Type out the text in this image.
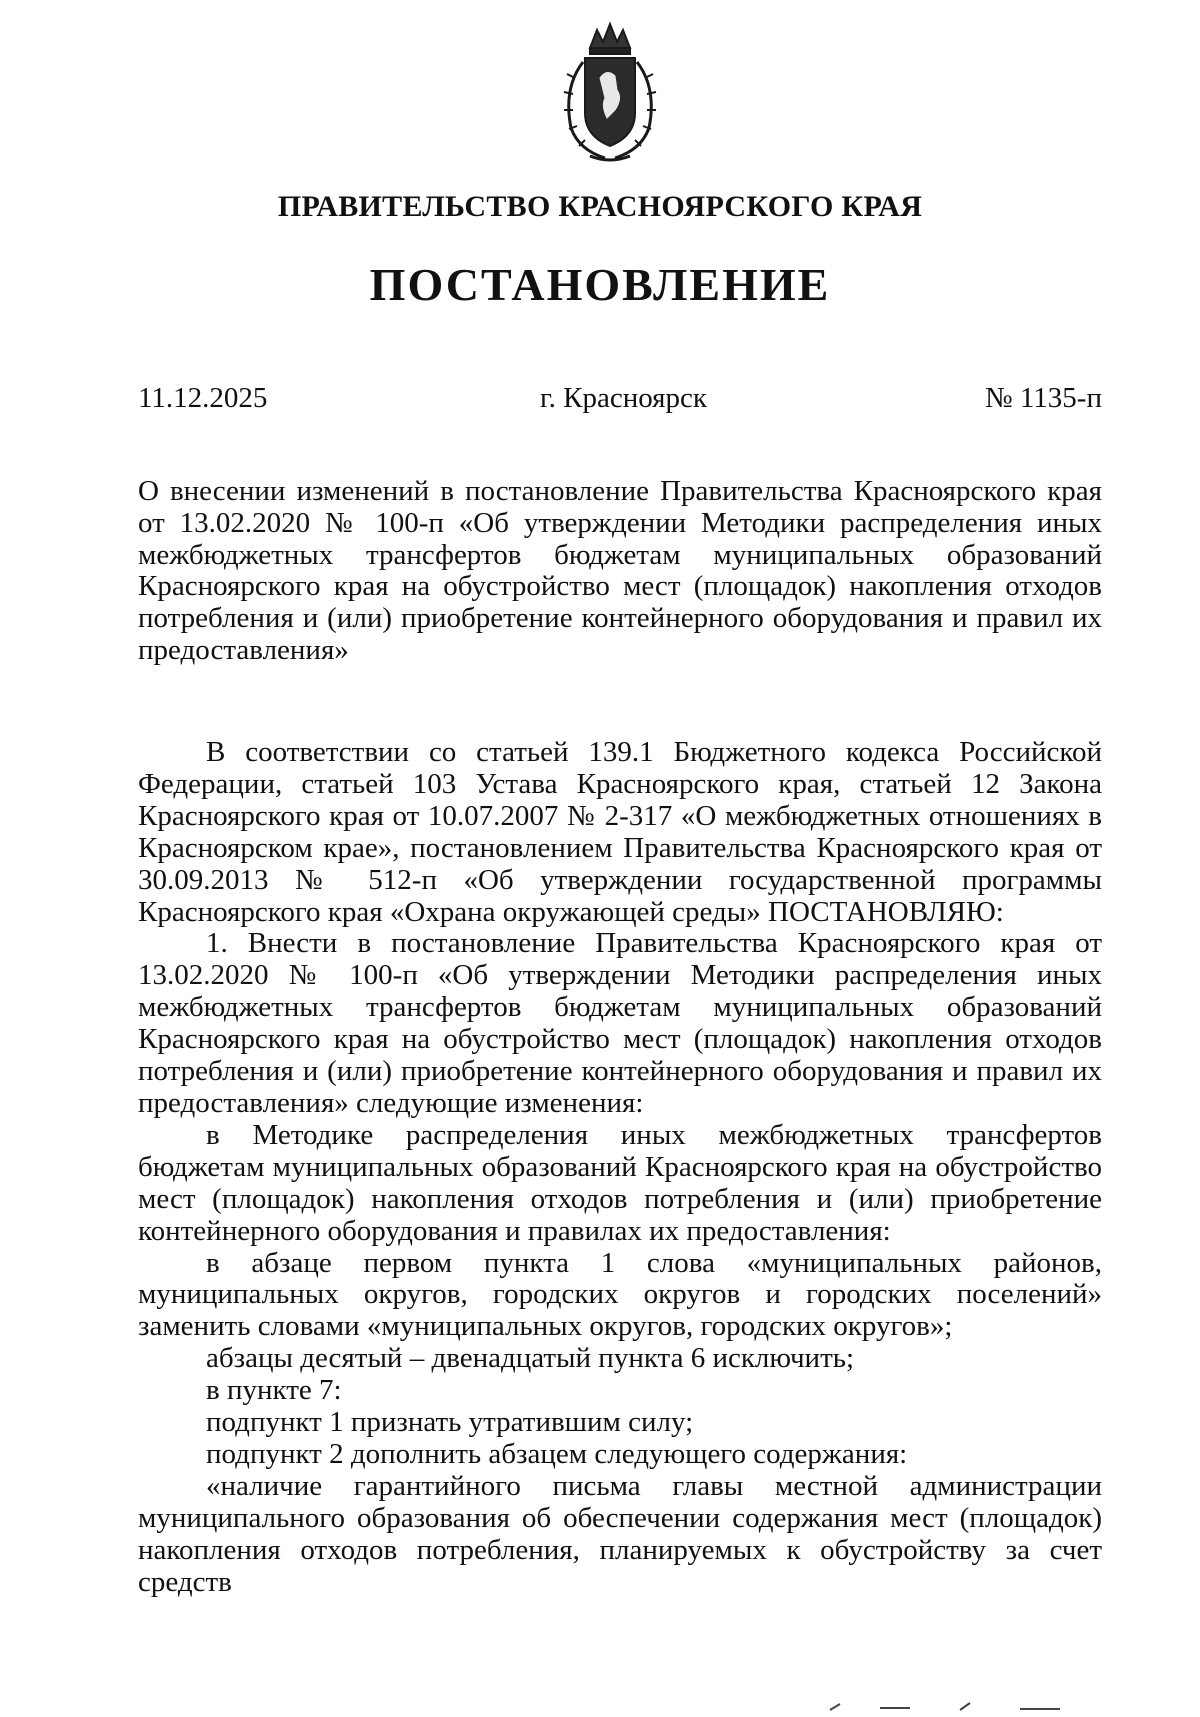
ПРАВИТЕЛЬСТВО КРАСНОЯРСКОГО КРАЯ
ПОСТАНОВЛЕНИЕ
11.12.2025	г. Красноярск	№ 1135-п
О внесении изменений в постановление Правительства Красноярского края от 13.02.2020 № 100-п «Об утверждении Методики распределения иных межбюджетных трансфертов бюджетам муниципальных образований Красноярского края на обустройство мест (площадок) накопления отходов потребления и (или) приобретение контейнерного оборудования и правил их предоставления»

В соответствии со статьей 139.1 Бюджетного кодекса Российской Федерации, статьей 103 Устава Красноярского края, статьей 12 Закона Красноярского края от 10.07.2007 № 2-317 «О межбюджетных отношениях в Красноярском крае», постановлением Правительства Красноярского края от 30.09.2013 № 512-п «Об утверждении государственной программы Красноярского края «Охрана окружающей среды» ПОСТАНОВЛЯЮ:

1. Внести в постановление Правительства Красноярского края от 13.02.2020 № 100-п «Об утверждении Методики распределения иных межбюджетных трансфертов бюджетам муниципальных образований Красноярского края на обустройство мест (площадок) накопления отходов потребления и (или) приобретение контейнерного оборудования и правил их предоставления» следующие изменения:

в Методике распределения иных межбюджетных трансфертов бюджетам муниципальных образований Красноярского края на обустройство мест (площадок) накопления отходов потребления и (или) приобретение контейнерного оборудования и правилах их предоставления:

в абзаце первом пункта 1 слова «муниципальных районов, муниципальных округов, городских округов и городских поселений» заменить словами «муниципальных округов, городских округов»;

абзацы десятый – двенадцатый пункта 6 исключить;

в пункте 7:

подпункт 1 признать утратившим силу;

подпункт 2 дополнить абзацем следующего содержания:

«наличие гарантийного письма главы местной администрации муниципального образования об обеспечении содержания мест (площадок) накопления отходов потребления, планируемых к обустройству за счет средств
